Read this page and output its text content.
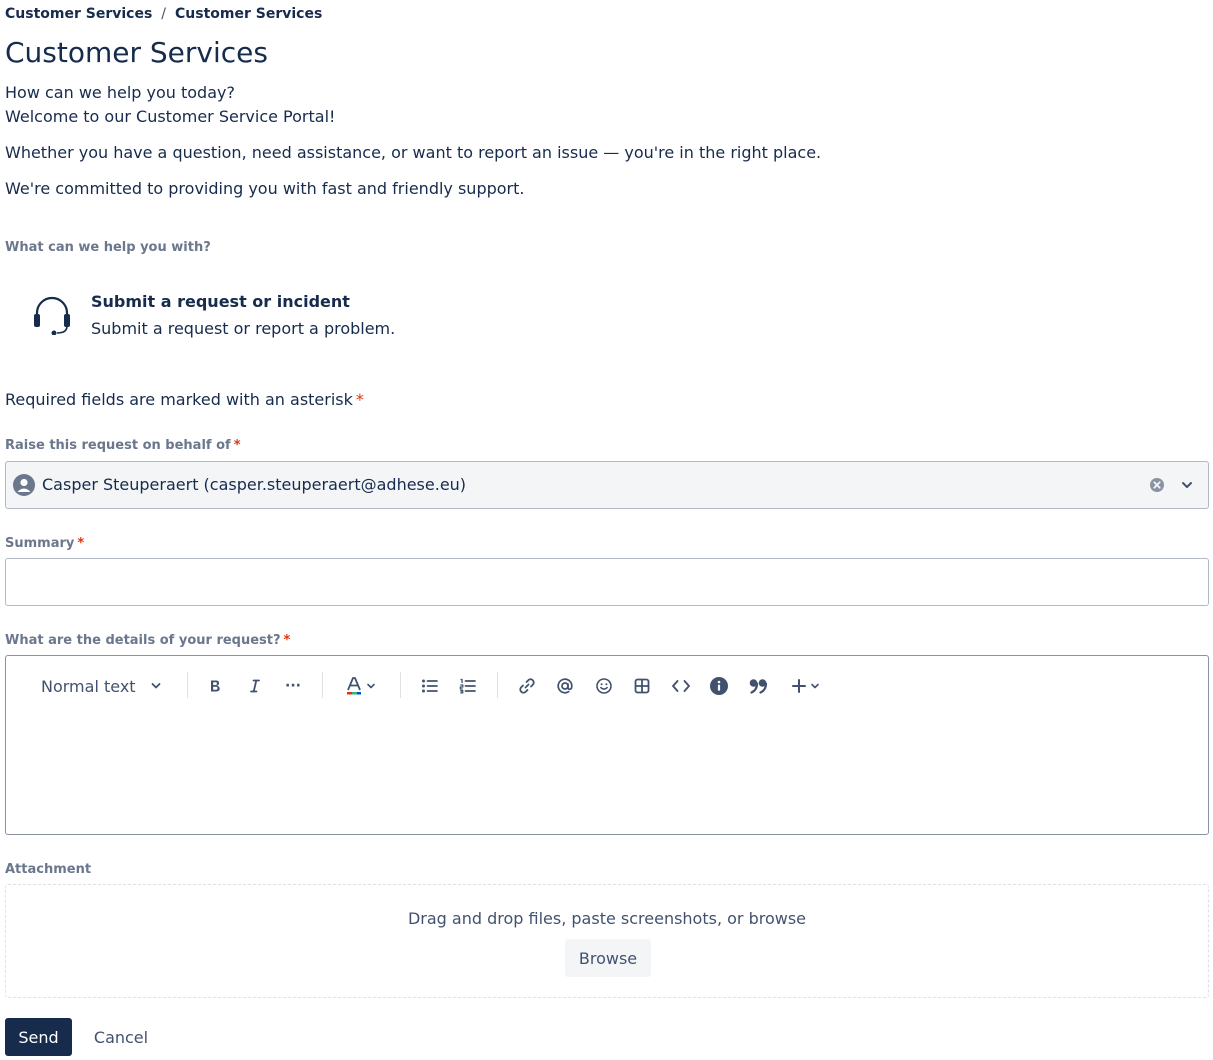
Customer Services / Customer Services
Customer Services

How can we help you today?

Welcome to our Customer Service Portal!

Whether you have a question, need assistance, or want to report an issue — you're in the right place.

We're committed to providing you with fast and friendly support.

What can we help you with?
Submit a request or incident
Submit a request or report a problem.
Required fields are marked with an asterisk *
Raise this request on behalf of *
Casper Steuperaert (casper.steuperaert@adhese.eu)
Summary *
What are the details of your request? *
Normal text	···
Attachment
Drag and drop files, paste screenshots, or browse
Browse
Send	Cancel
